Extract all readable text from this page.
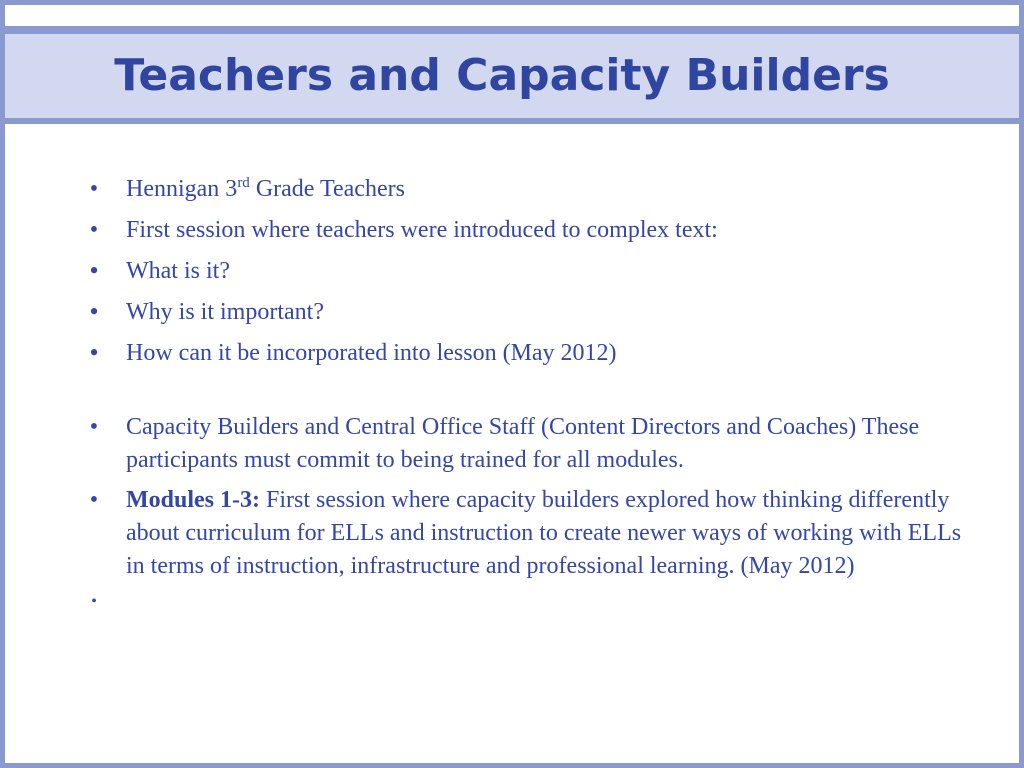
Teachers and Capacity Builders
• Hennigan 3rd Grade Teachers
• First session where teachers were introduced to complex text:
• What is it?
• Why is it important?
• How can it be incorporated into lesson (May 2012)
• Capacity Builders and Central Office Staff (Content Directors and Coaches) These participants must commit to being trained for all modules.
• Modules 1-3: First session where capacity builders explored how thinking differently about curriculum for ELLs and instruction to create newer ways of working with ELLs in terms of instruction, infrastructure and professional learning. (May 2012)
•
